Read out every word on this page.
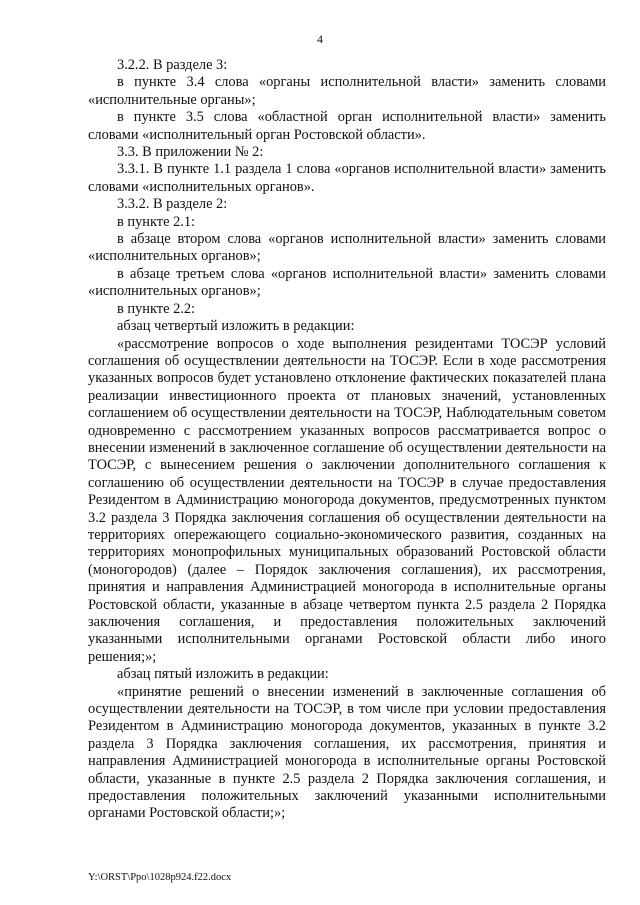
4

3.2.2. В разделе 3:

в пункте 3.4 слова «органы исполнительной власти» заменить словами «исполнительные органы»;

в пункте 3.5 слова «областной орган исполнительной власти» заменить словами «исполнительный орган Ростовской области».

3.3. В приложении № 2:

3.3.1. В пункте 1.1 раздела 1 слова «органов исполнительной власти» заменить словами «исполнительных органов».

3.3.2. В разделе 2:

в пункте 2.1:

в абзаце втором слова «органов исполнительной власти» заменить словами «исполнительных органов»;

в абзаце третьем слова «органов исполнительной власти» заменить словами «исполнительных органов»;

в пункте 2.2:

абзац четвертый изложить в редакции:

«рассмотрение вопросов о ходе выполнения резидентами ТОСЭР условий соглашения об осуществлении деятельности на ТОСЭР. Если в ходе рассмотрения указанных вопросов будет установлено отклонение фактических показателей плана реализации инвестиционного проекта от плановых значений, установленных соглашением об осуществлении деятельности на ТОСЭР, Наблюдательным советом одновременно с рассмотрением указанных вопросов рассматривается вопрос о внесении изменений в заключенное соглашение об осуществлении деятельности на ТОСЭР, с вынесением решения о заключении дополнительного соглашения к соглашению об осуществлении деятельности на ТОСЭР в случае предоставления Резидентом в Администрацию моногорода документов, предусмотренных пунктом 3.2 раздела 3 Порядка заключения соглашения об осуществлении деятельности на территориях опережающего социально-экономического развития, созданных на территориях монопрофильных муниципальных образований Ростовской области (моногородов) (далее – Порядок заключения соглашения), их рассмотрения, принятия и направления Администрацией моногорода в исполнительные органы Ростовской области, указанные в абзаце четвертом пункта 2.5 раздела 2 Порядка заключения соглашения, и предоставления положительных заключений указанными исполнительными органами Ростовской области либо иного решения;»;

абзац пятый изложить в редакции:

«принятие решений о внесении изменений в заключенные соглашения об осуществлении деятельности на ТОСЭР, в том числе при условии предоставления Резидентом в Администрацию моногорода документов, указанных в пункте 3.2 раздела 3 Порядка заключения соглашения, их рассмотрения, принятия и направления Администрацией моногорода в исполнительные органы Ростовской области, указанные в пункте 2.5 раздела 2 Порядка заключения соглашения, и предоставления положительных заключений указанными исполнительными органами Ростовской области;»;

Y:\ORST\Ppo\1028p924.f22.docx
